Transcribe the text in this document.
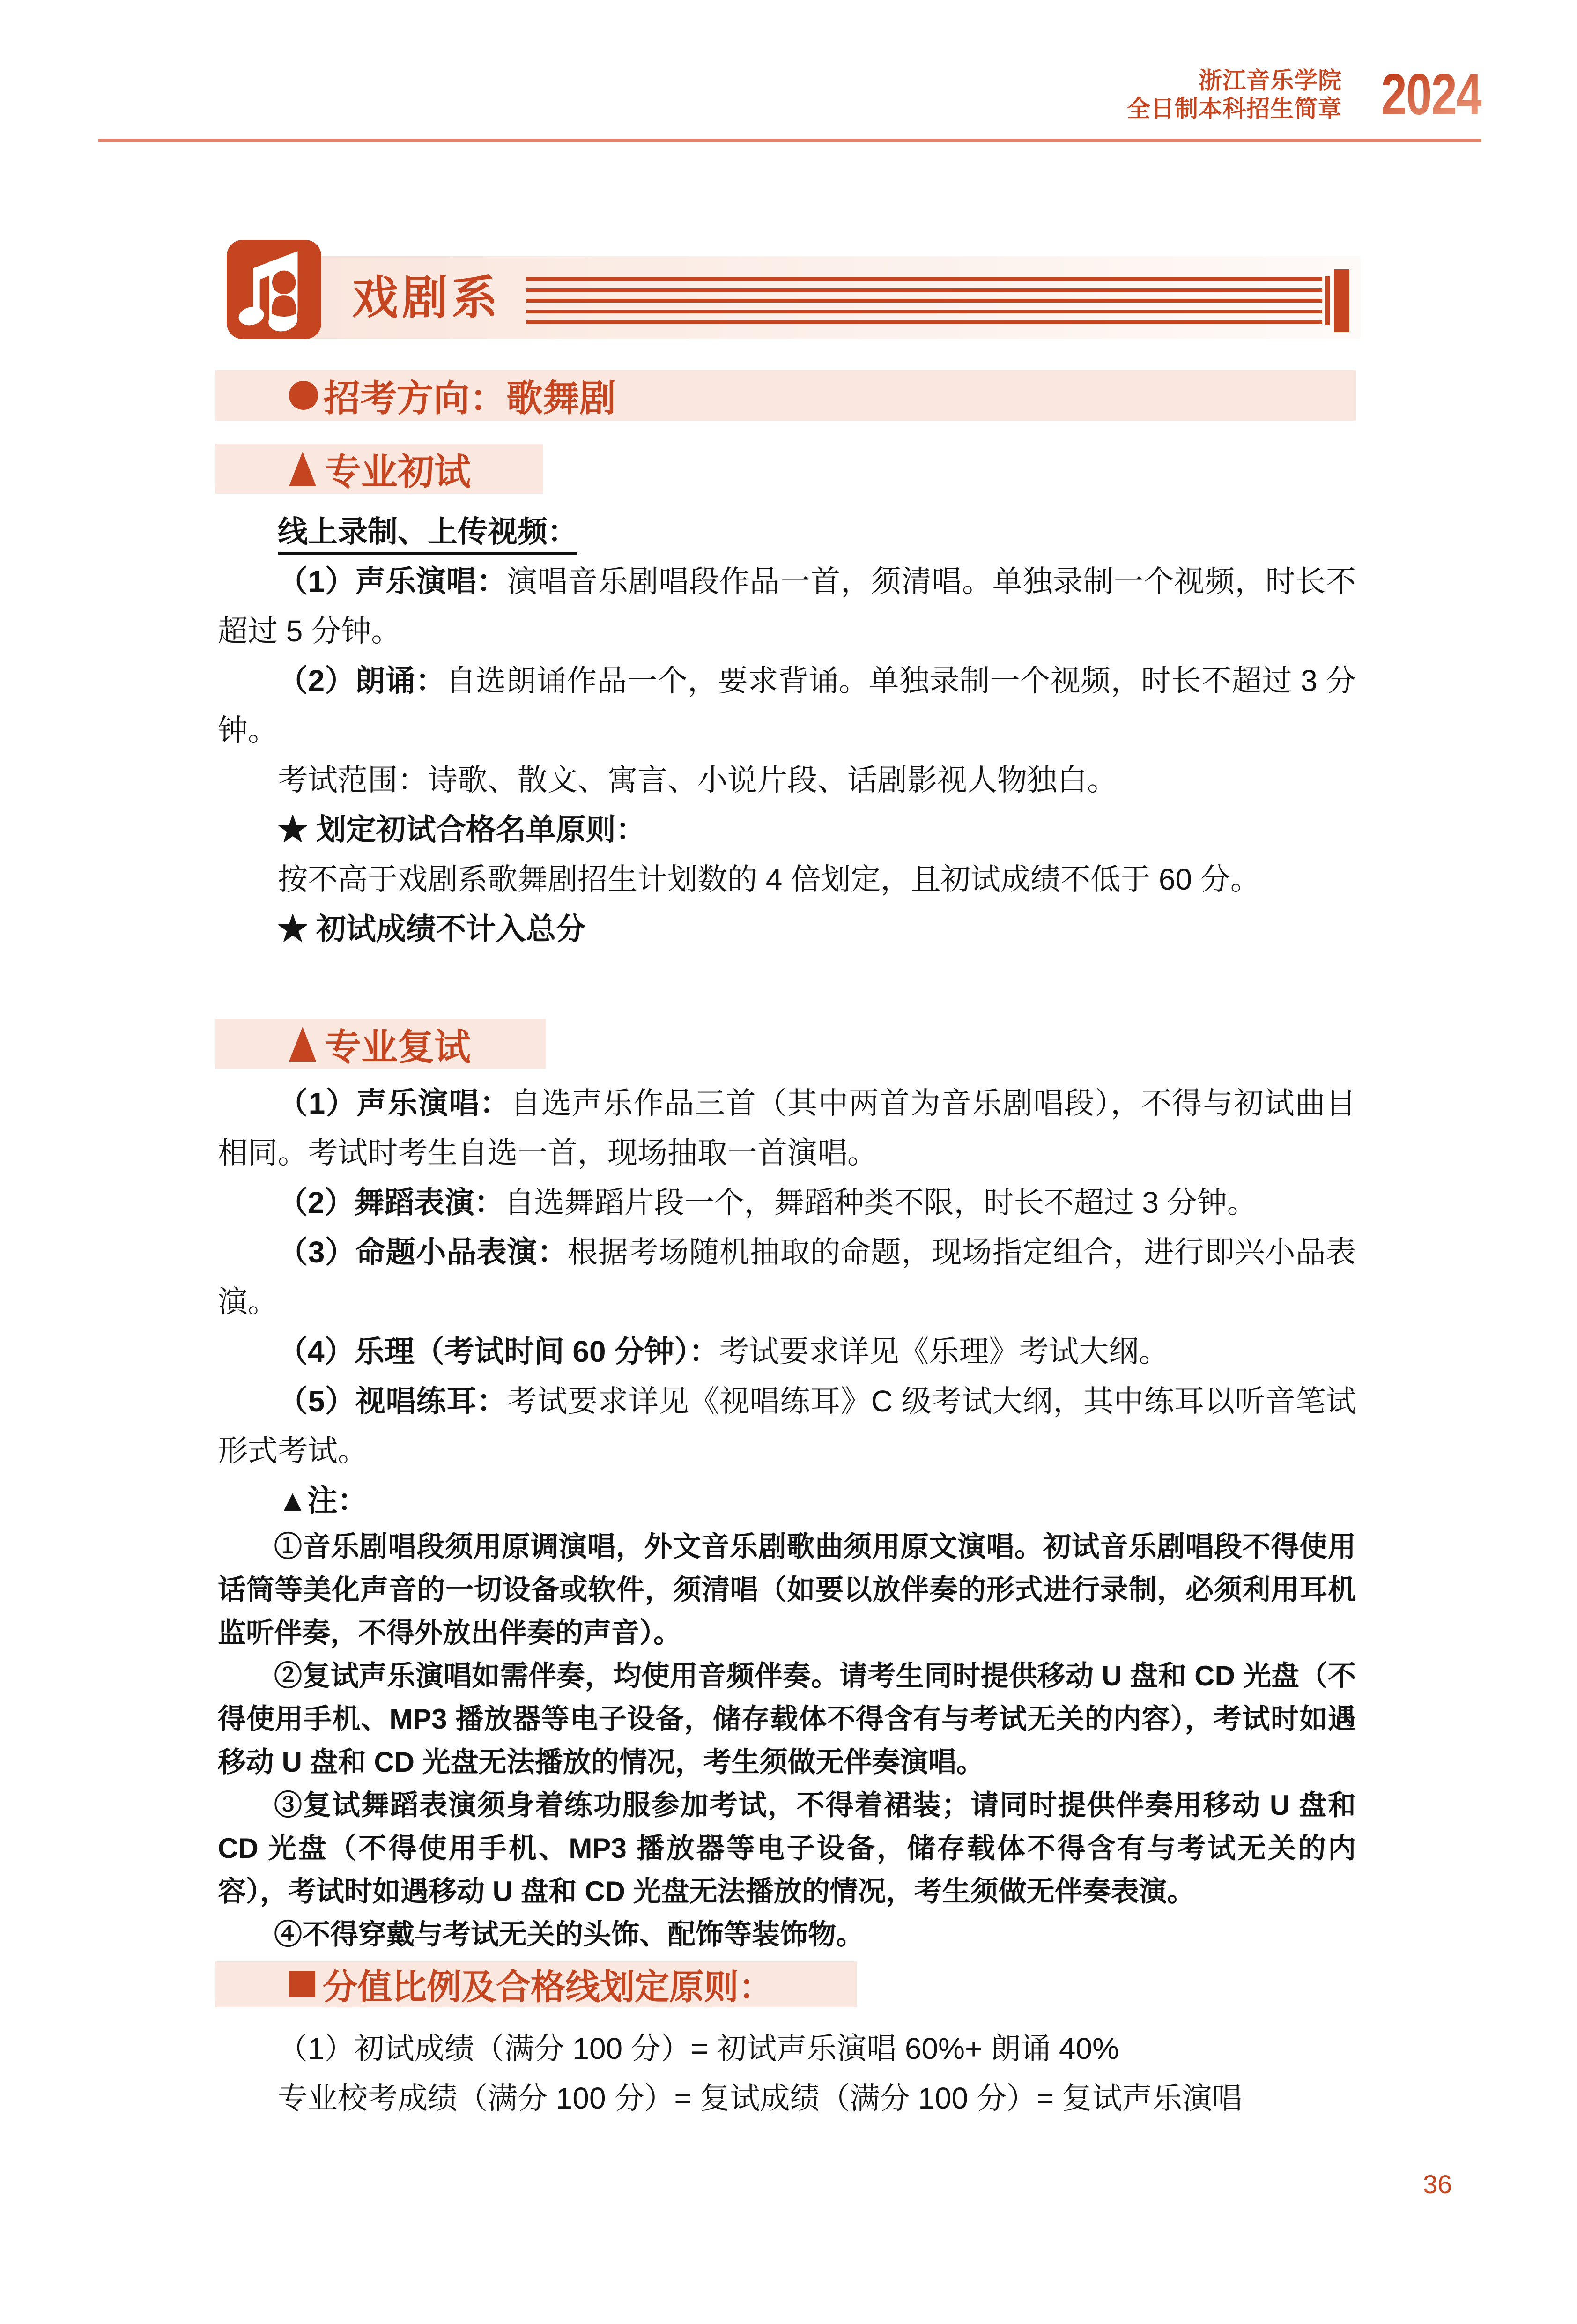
浙江音乐学院
全日制本科招生简章 2024
戏剧系
招考方向：歌舞剧
专业初试

线上录制、上传视频：

（1）声乐演唱：演唱音乐剧唱段作品一首，须清唱。单独录制一个视频，时长不超过 5 分钟。

（2）朗诵：自选朗诵作品一个，要求背诵。单独录制一个视频，时长不超过 3 分钟。

考试范围：诗歌、散文、寓言、小说片段、话剧影视人物独白。

★ 划定初试合格名单原则：

按不高于戏剧系歌舞剧招生计划数的 4 倍划定，且初试成绩不低于 60 分。

★ 初试成绩不计入总分

专业复试

（1）声乐演唱：自选声乐作品三首（其中两首为音乐剧唱段），不得与初试曲目相同。考试时考生自选一首，现场抽取一首演唱。

（2）舞蹈表演：自选舞蹈片段一个，舞蹈种类不限，时长不超过 3 分钟。

（3）命题小品表演：根据考场随机抽取的命题，现场指定组合，进行即兴小品表演。

（4）乐理（考试时间 60 分钟）：考试要求详见《乐理》考试大纲。

（5）视唱练耳：考试要求详见《视唱练耳》C 级考试大纲，其中练耳以听音笔试形式考试。

▲注：

①音乐剧唱段须用原调演唱，外文音乐剧歌曲须用原文演唱。初试音乐剧唱段不得使用话筒等美化声音的一切设备或软件，须清唱（如要以放伴奏的形式进行录制，必须利用耳机监听伴奏，不得外放出伴奏的声音）。

②复试声乐演唱如需伴奏，均使用音频伴奏。请考生同时提供移动 U 盘和 CD 光盘（不得使用手机、MP3 播放器等电子设备，储存载体不得含有与考试无关的内容），考试时如遇移动 U 盘和 CD 光盘无法播放的情况，考生须做无伴奏演唱。

③复试舞蹈表演须身着练功服参加考试，不得着裙装；请同时提供伴奏用移动 U 盘和 CD 光盘（不得使用手机、MP3 播放器等电子设备，储存载体不得含有与考试无关的内容），考试时如遇移动 U 盘和 CD 光盘无法播放的情况，考生须做无伴奏表演。

④不得穿戴与考试无关的头饰、配饰等装饰物。

分值比例及合格线划定原则：

（1）初试成绩（满分 100 分）= 初试声乐演唱 60%+ 朗诵 40%

专业校考成绩（满分 100 分）= 复试成绩（满分 100 分）= 复试声乐演唱

36
